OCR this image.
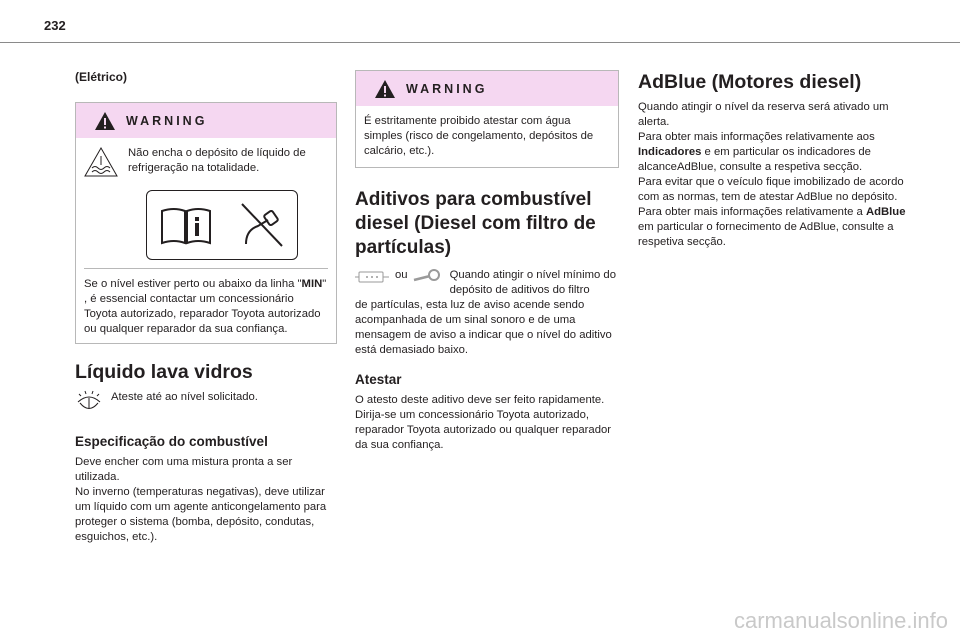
232

(Elétrico)

WARNING

Não encha o depósito de líquido de refrigeração na totalidade.

Se o nível estiver perto ou abaixo da linha "MIN" , é essencial contactar um concessionário Toyota autorizado, reparador Toyota autorizado ou qualquer reparador da sua confiança.

Líquido lava vidros

Ateste até ao nível solicitado.

Especificação do combustível

Deve encher com uma mistura pronta a ser utilizada.

No inverno (temperaturas negativas), deve utilizar um líquido com um agente anticongelamento para proteger o sistema (bomba, depósito, condutas, esguichos, etc.).

WARNING

É estritamente proibido atestar com água simples (risco de congelamento, depósitos de calcário, etc.).

Aditivos para combustível diesel (Diesel com filtro de partículas)

ou	Quando atingir o nível mínimo do depósito de aditivos do filtro

de partículas, esta luz de aviso acende sendo acompanhada de um sinal sonoro e de uma mensagem de aviso a indicar que o nível do aditivo está demasiado baixo.

Atestar

O atesto deste aditivo deve ser feito rapidamente.

Dirija-se um concessionário Toyota autorizado, reparador Toyota autorizado ou qualquer reparador da sua confiança.

AdBlue (Motores diesel)

Quando atingir o nível da reserva será ativado um alerta.

Para obter mais informações relativamente aos Indicadores e em particular os indicadores de alcanceAdBlue, consulte a respetiva secção.

Para evitar que o veículo fique imobilizado de acordo com as normas, tem de atestar AdBlue no depósito.

Para obter mais informações relativamente a AdBlue em particular o fornecimento de AdBlue, consulte a respetiva secção.

carmanualsonline.info
